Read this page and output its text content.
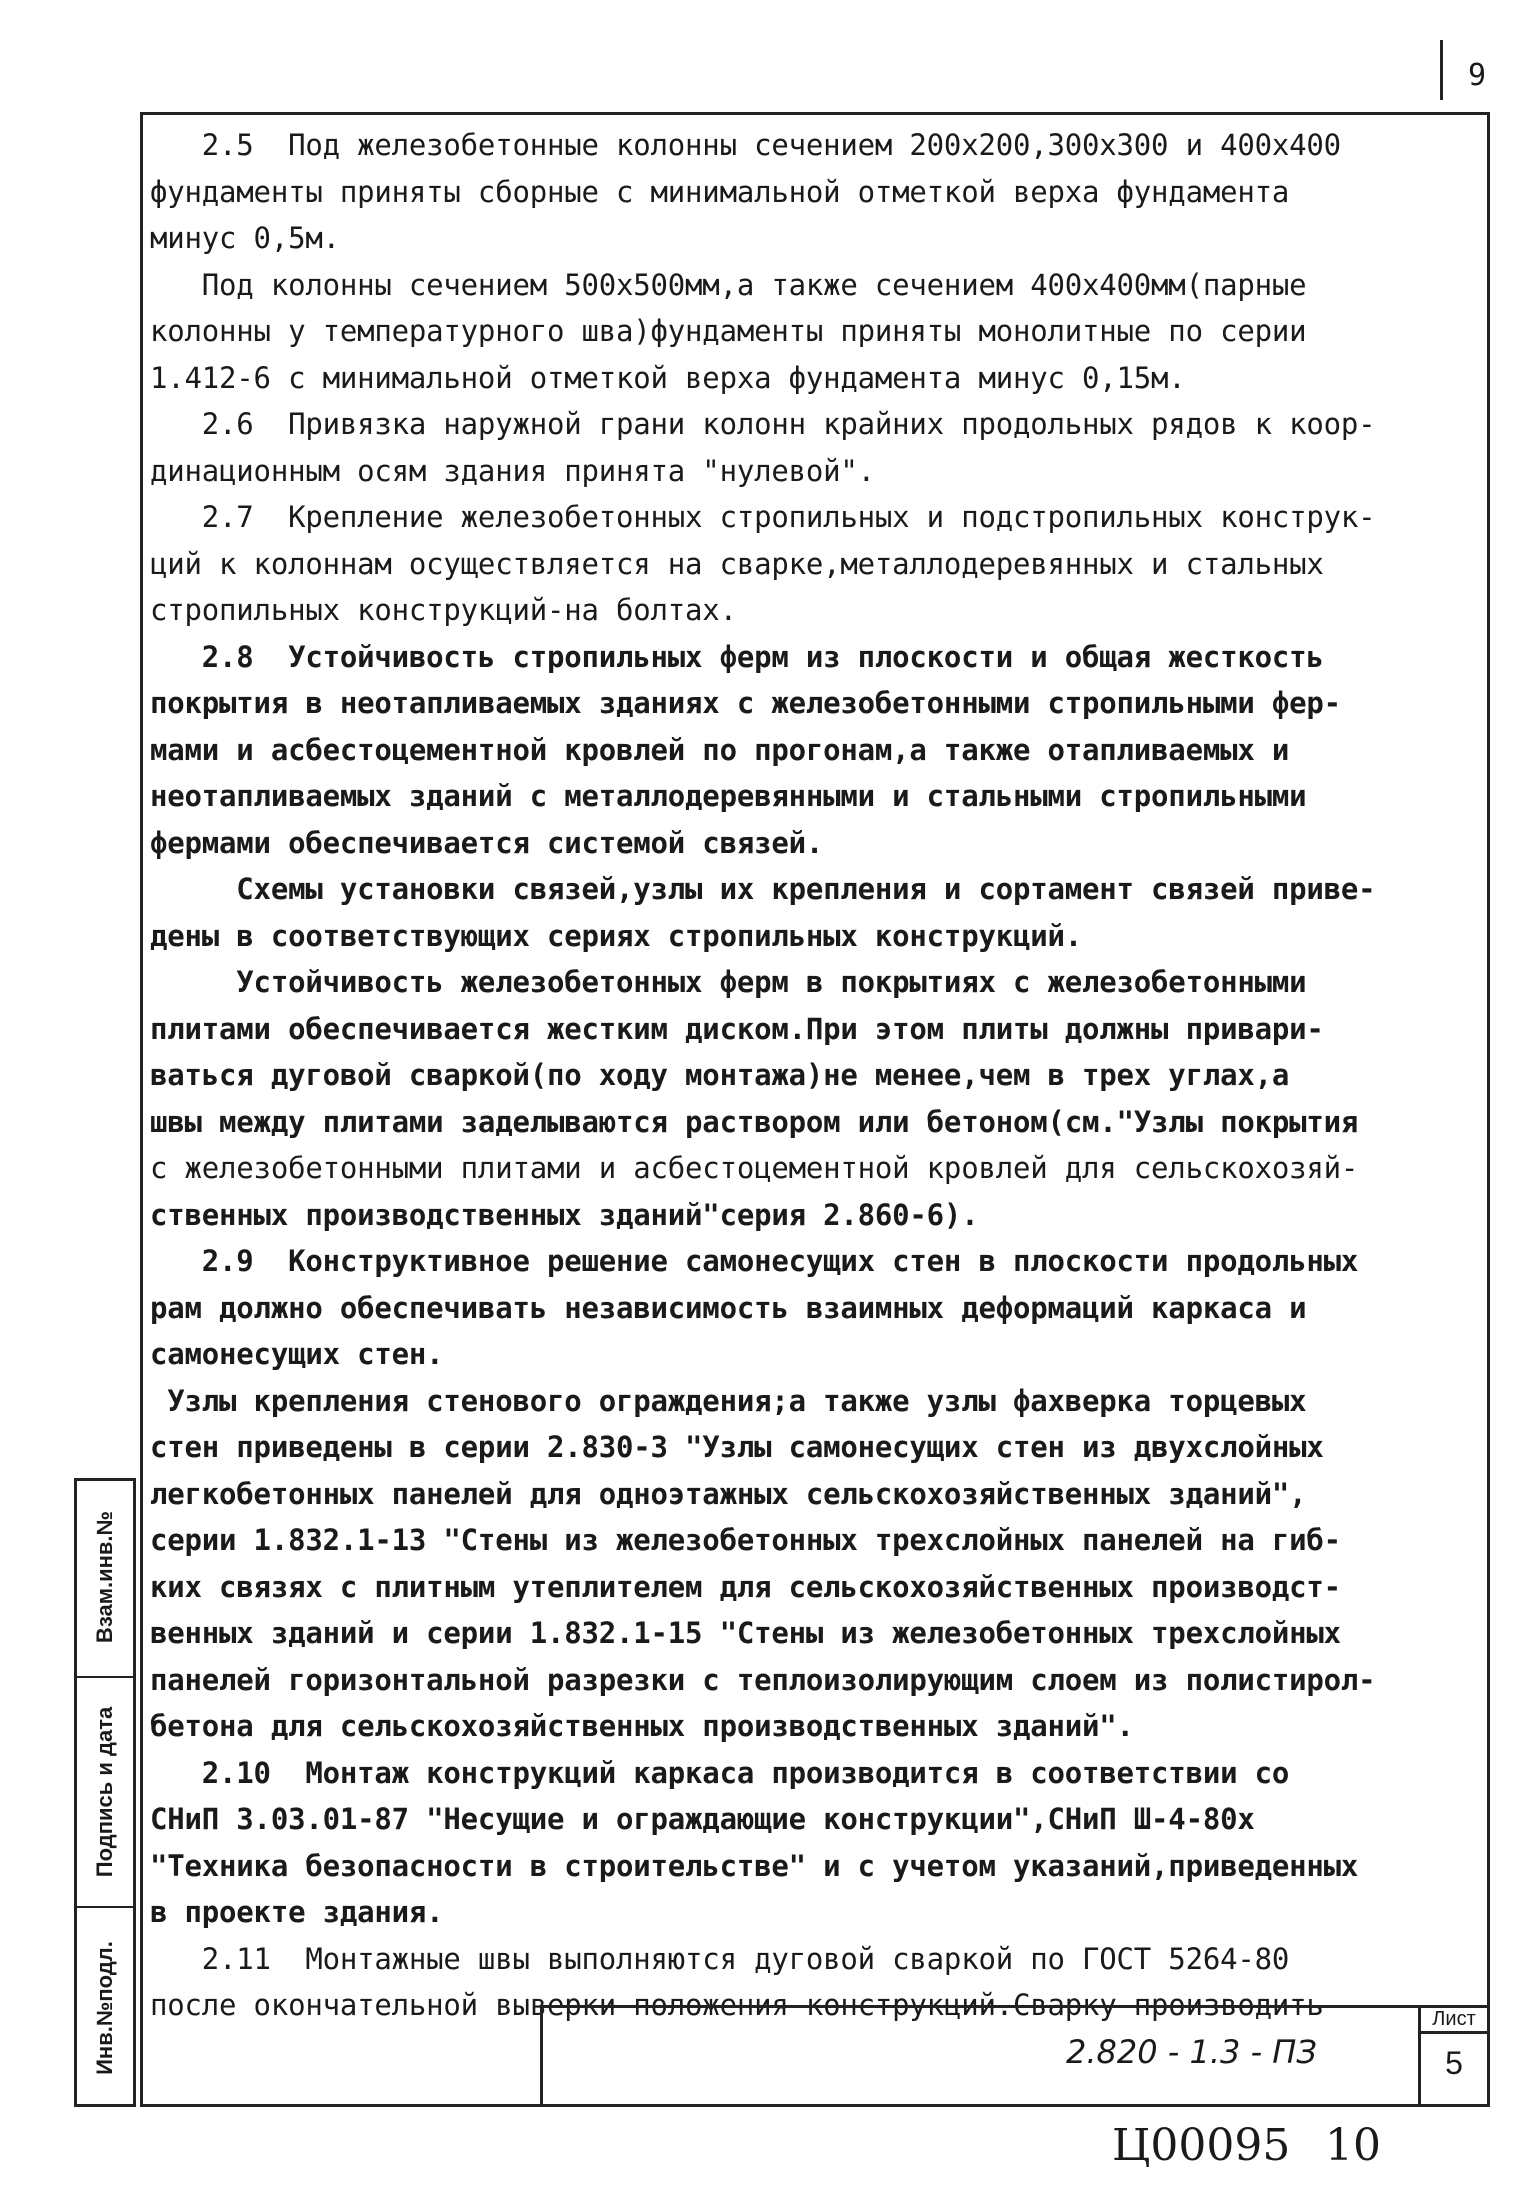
9

2.5  Под железобетонные колонны сечением 200x200,300x300 и 400x400

фундаменты приняты сборные с минимальной отметкой верха фундамента

минус 0,5м.

Под колонны сечением 500x500мм,а также сечением 400x400мм(парные

колонны у температурного шва)фундаменты приняты монолитные по серии

1.412-6 с минимальной отметкой верха фундамента минус 0,15м.

2.6  Привязка наружной грани колонн крайних продольных рядов к коор-

динационным осям здания принята "нулевой".

2.7  Крепление железобетонных стропильных и подстропильных конструк-

ций к колоннам осуществляется на сварке,металлодеревянных и стальных

стропильных конструкций-на болтах.

2.8  Устойчивость стропильных ферм из плоскости и общая жесткость

покрытия в неотапливаемых зданиях с железобетонными стропильными фер-

мами и асбестоцементной кровлей по прогонам,а также отапливаемых и

неотапливаемых зданий с металлодеревянными и стальными стропильными

фермами обеспечивается системой связей.

Схемы установки связей,узлы их крепления и сортамент связей приве-

дены в соответствующих сериях стропильных конструкций.

Устойчивость железобетонных ферм в покрытиях с железобетонными

плитами обеспечивается жестким диском.При этом плиты должны привари-

ваться дуговой сваркой(по ходу монтажа)не менее,чем в трех углах,а

швы между плитами заделываются раствором или бетоном(см."Узлы покрытия

с железобетонными плитами и асбестоцементной кровлей для сельскохозяй-

ственных производственных зданий"серия 2.860-6).

2.9  Конструктивное решение самонесущих стен в плоскости продольных

рам должно обеспечивать независимость взаимных деформаций каркаса и

самонесущих стен.

Узлы крепления стенового ограждения;а также узлы фахверка торцевых

стен приведены в серии 2.830-3 "Узлы самонесущих стен из двухслойных

легкобетонных панелей для одноэтажных сельскохозяйственных зданий",

серии 1.832.1-13 "Стены из железобетонных трехслойных панелей на гиб-

ких связях с плитным утеплителем для сельскохозяйственных производст-

венных зданий и серии 1.832.1-15 "Стены из железобетонных трехслойных

панелей горизонтальной разрезки с теплоизолирующим слоем из полистирол-

бетона для сельскохозяйственных производственных зданий".

2.10  Монтаж конструкций каркаса производится в соответствии со

СНиП 3.03.01-87 "Несущие и ограждающие конструкции",СНиП Ш-4-80х

"Техника безопасности в строительстве" и с учетом указаний,приведенных

в проекте здания.

2.11  Монтажные швы выполняются дуговой сваркой по ГОСТ 5264-80

после окончательной выверки положения конструкций.Сварку производить

Взам.инв.№
Подпись и дата
Инв.№подл.	2.820 - 1.3 - ПЗ
Лист
5
Ц00095 10
